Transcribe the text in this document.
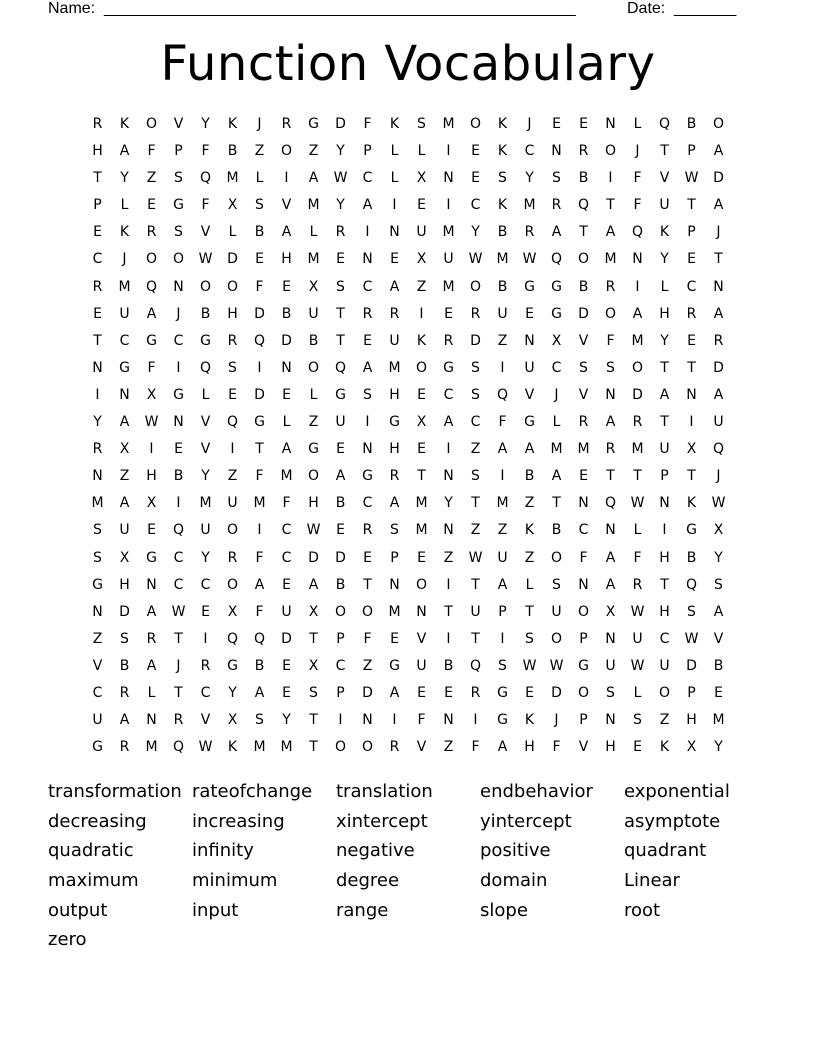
Name: _____________________________________________________	Date: _______
Function Vocabulary
R	K	O	V	Y	K	J	R	G	D	F	K	S	M	O	K	J	E	E	N	L	Q	B	O
H	A	F	P	F	B	Z	O	Z	Y	P	L	L	I	E	K	C	N	R	O	J	T	P	A
T	Y	Z	S	Q	M	L	I	A	W	C	L	X	N	E	S	Y	S	B	I	F	V	W	D
P	L	E	G	F	X	S	V	M	Y	A	I	E	I	C	K	M	R	Q	T	F	U	T	A
E	K	R	S	V	L	B	A	L	R	I	N	U	M	Y	B	R	A	T	A	Q	K	P	J
C	J	O	O	W	D	E	H	M	E	N	E	X	U	W	M	W	Q	O	M	N	Y	E	T
R	M	Q	N	O	O	F	E	X	S	C	A	Z	M	O	B	G	G	B	R	I	L	C	N
E	U	A	J	B	H	D	B	U	T	R	R	I	E	R	U	E	G	D	O	A	H	R	A
T	C	G	C	G	R	Q	D	B	T	E	U	K	R	D	Z	N	X	V	F	M	Y	E	R
N	G	F	I	Q	S	I	N	O	Q	A	M	O	G	S	I	U	C	S	S	O	T	T	D
I	N	X	G	L	E	D	E	L	G	S	H	E	C	S	Q	V	J	V	N	D	A	N	A
Y	A	W	N	V	Q	G	L	Z	U	I	G	X	A	C	F	G	L	R	A	R	T	I	U
R	X	I	E	V	I	T	A	G	E	N	H	E	I	Z	A	A	M	M	R	M	U	X	Q
N	Z	H	B	Y	Z	F	M	O	A	G	R	T	N	S	I	B	A	E	T	T	P	T	J
M	A	X	I	M	U	M	F	H	B	C	A	M	Y	T	M	Z	T	N	Q	W	N	K	W
S	U	E	Q	U	O	I	C	W	E	R	S	M	N	Z	Z	K	B	C	N	L	I	G	X
S	X	G	C	Y	R	F	C	D	D	E	P	E	Z	W	U	Z	O	F	A	F	H	B	Y
G	H	N	C	C	O	A	E	A	B	T	N	O	I	T	A	L	S	N	A	R	T	Q	S
N	D	A	W	E	X	F	U	X	O	O	M	N	T	U	P	T	U	O	X	W	H	S	A
Z	S	R	T	I	Q	Q	D	T	P	F	E	V	I	T	I	S	O	P	N	U	C	W	V
V	B	A	J	R	G	B	E	X	C	Z	G	U	B	Q	S	W W	G	U	W	U	D	B
C	R	L	T	C	Y	A	E	S	P	D	A	E	E	R	G	E	D	O	S	L	O	P	E
U	A	N	R	V	X	S	Y	T	I	N	I	F	N	I	G	K	J	P	N	S	Z	H	M
G	R	M	Q	W	K	M	M	T	O	O	R	V	Z	F	A	H	F	V	H	E	K	X	Y
transformation rateofchange	translation	endbehavior	exponential
decreasing	increasing	xintercept	yintercept	asymptote
quadratic	infinity	negative	positive	quadrant
maximum	minimum	degree	domain	Linear
output	input	range	slope	root
zero
